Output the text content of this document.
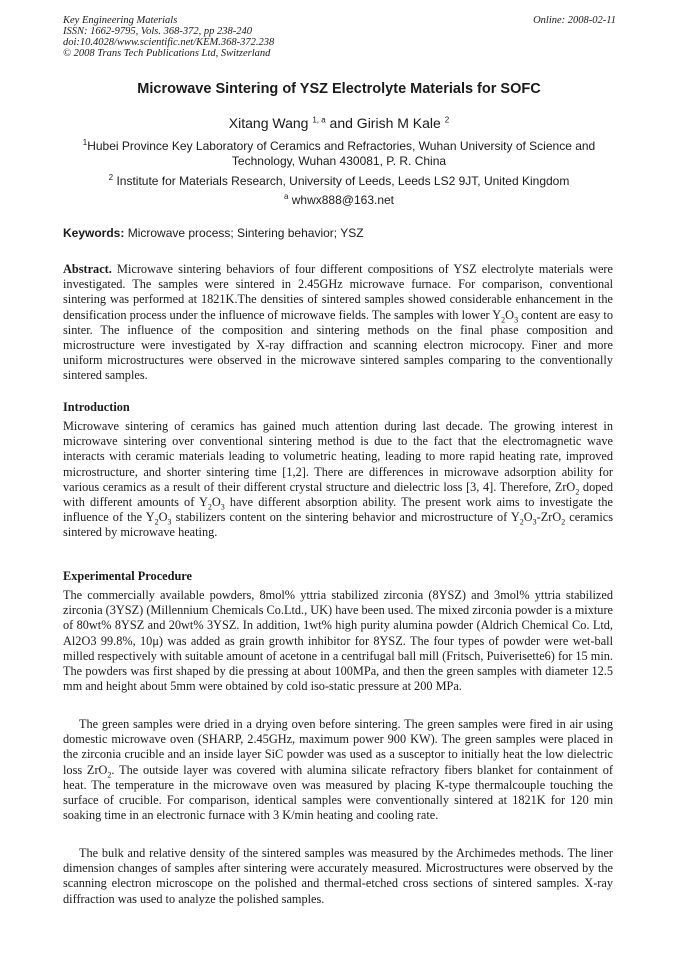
Key Engineering Materials
ISSN: 1662-9795, Vols. 368-372, pp 238-240
doi:10.4028/www.scientific.net/KEM.368-372.238
© 2008 Trans Tech Publications Ltd, Switzerland
Online: 2008-02-11
Microwave Sintering of YSZ Electrolyte Materials for SOFC
Xitang Wang $^{1, a}$ and Girish M Kale $^2$
$^1$Hubei Province Key Laboratory of Ceramics and Refractories, Wuhan University of Science and
Technology, Wuhan 430081, P. R. China
$^2$ Institute for Materials Research, University of Leeds, Leeds LS2 9JT, United Kingdom
$^a$ whwx888@163.net
Keywords: Microwave process; Sintering behavior; YSZ
Abstract. Microwave sintering behaviors of four different compositions of YSZ electrolyte materials were investigated. The samples were sintered in 2.45GHz microwave furnace. For comparison, conventional sintering was performed at 1821K.The densities of sintered samples showed considerable enhancement in the densification process under the influence of microwave fields. The samples with lower $Y_2O_3$ content are easy to sinter. The influence of the composition and sintering methods on the final phase composition and microstructure were investigated by X-ray diffraction and scanning electron microcopy. Finer and more uniform microstructures were observed in the microwave sintered samples comparing to the conventionally sintered samples.
Introduction
Microwave sintering of ceramics has gained much attention during last decade. The growing interest in microwave sintering over conventional sintering method is due to the fact that the electromagnetic wave interacts with ceramic materials leading to volumetric heating, leading to more rapid heating rate, improved microstructure, and shorter sintering time [1,2]. There are differences in microwave adsorption ability for various ceramics as a result of their different crystal structure and dielectric loss [3, 4]. Therefore, ZrO$_2$ doped with different amounts of $Y_2O_3$ have different absorption ability. The present work aims to investigate the influence of the $Y_2O_3$ stabilizers content on the sintering behavior and microstructure of $Y_2O_3-ZrO_2$ ceramics sintered by microwave heating.
Experimental Procedure
The commercially available powders, 8mol% yttria stabilized zirconia (8YSZ) and 3mol% yttria stabilized zirconia (3YSZ) (Millennium Chemicals Co.Ltd., UK) have been used. The mixed zirconia powder is a mixture of 80wt% 8YSZ and 20wt% 3YSZ. In addition, 1wt% high purity alumina powder (Aldrich Chemical Co. Ltd, Al2O3 99.8%, 10μ) was added as grain growth inhibitor for 8YSZ. The four types of powder were wet-ball milled respectively with suitable amount of acetone in a centrifugal ball mill (Fritsch, Puiverisette6) for 15 min. The powders was first shaped by die pressing at about 100MPa, and then the green samples with diameter 12.5 mm and height about 5mm were obtained by cold iso-static pressure at 200 MPa.
The green samples were dried in a drying oven before sintering. The green samples were fired in air using domestic microwave oven (SHARP, 2.45GHz, maximum power 900 KW). The green samples were placed in the zirconia crucible and an inside layer SiC powder was used as a susceptor to initially heat the low dielectric loss ZrO$_2$. The outside layer was covered with alumina silicate refractory fibers blanket for containment of heat. The temperature in the microwave oven was measured by placing K-type thermalcouple touching the surface of crucible. For comparison, identical samples were conventionally sintered at 1821K for 120 min soaking time in an electronic furnace with 3 K/min heating and cooling rate.
The bulk and relative density of the sintered samples was measured by the Archimedes methods. The liner dimension changes of samples after sintering were accurately measured. Microstructures were observed by the scanning electron microscope on the polished and thermal-etched cross sections of sintered samples. X-ray diffraction was used to analyze the polished samples.
